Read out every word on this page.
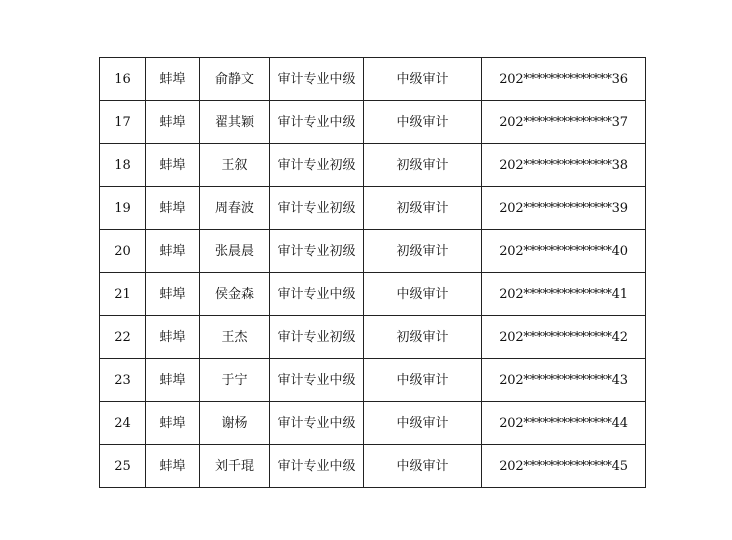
16	蚌埠	俞静文	审计专业中级	中级审计	202**************36
17	蚌埠	翟其颖	审计专业中级	中级审计	202**************37
18	蚌埠	王叙	审计专业初级	初级审计	202**************38
19	蚌埠	周春波	审计专业初级	初级审计	202**************39
20	蚌埠	张晨晨	审计专业初级	初级审计	202**************40
21	蚌埠	侯金森	审计专业中级	中级审计	202**************41
22	蚌埠	王杰	审计专业初级	初级审计	202**************42
23	蚌埠	于宁	审计专业中级	中级审计	202**************43
24	蚌埠	谢杨	审计专业中级	中级审计	202**************44
25	蚌埠	刘千琨	审计专业中级	中级审计	202**************45
